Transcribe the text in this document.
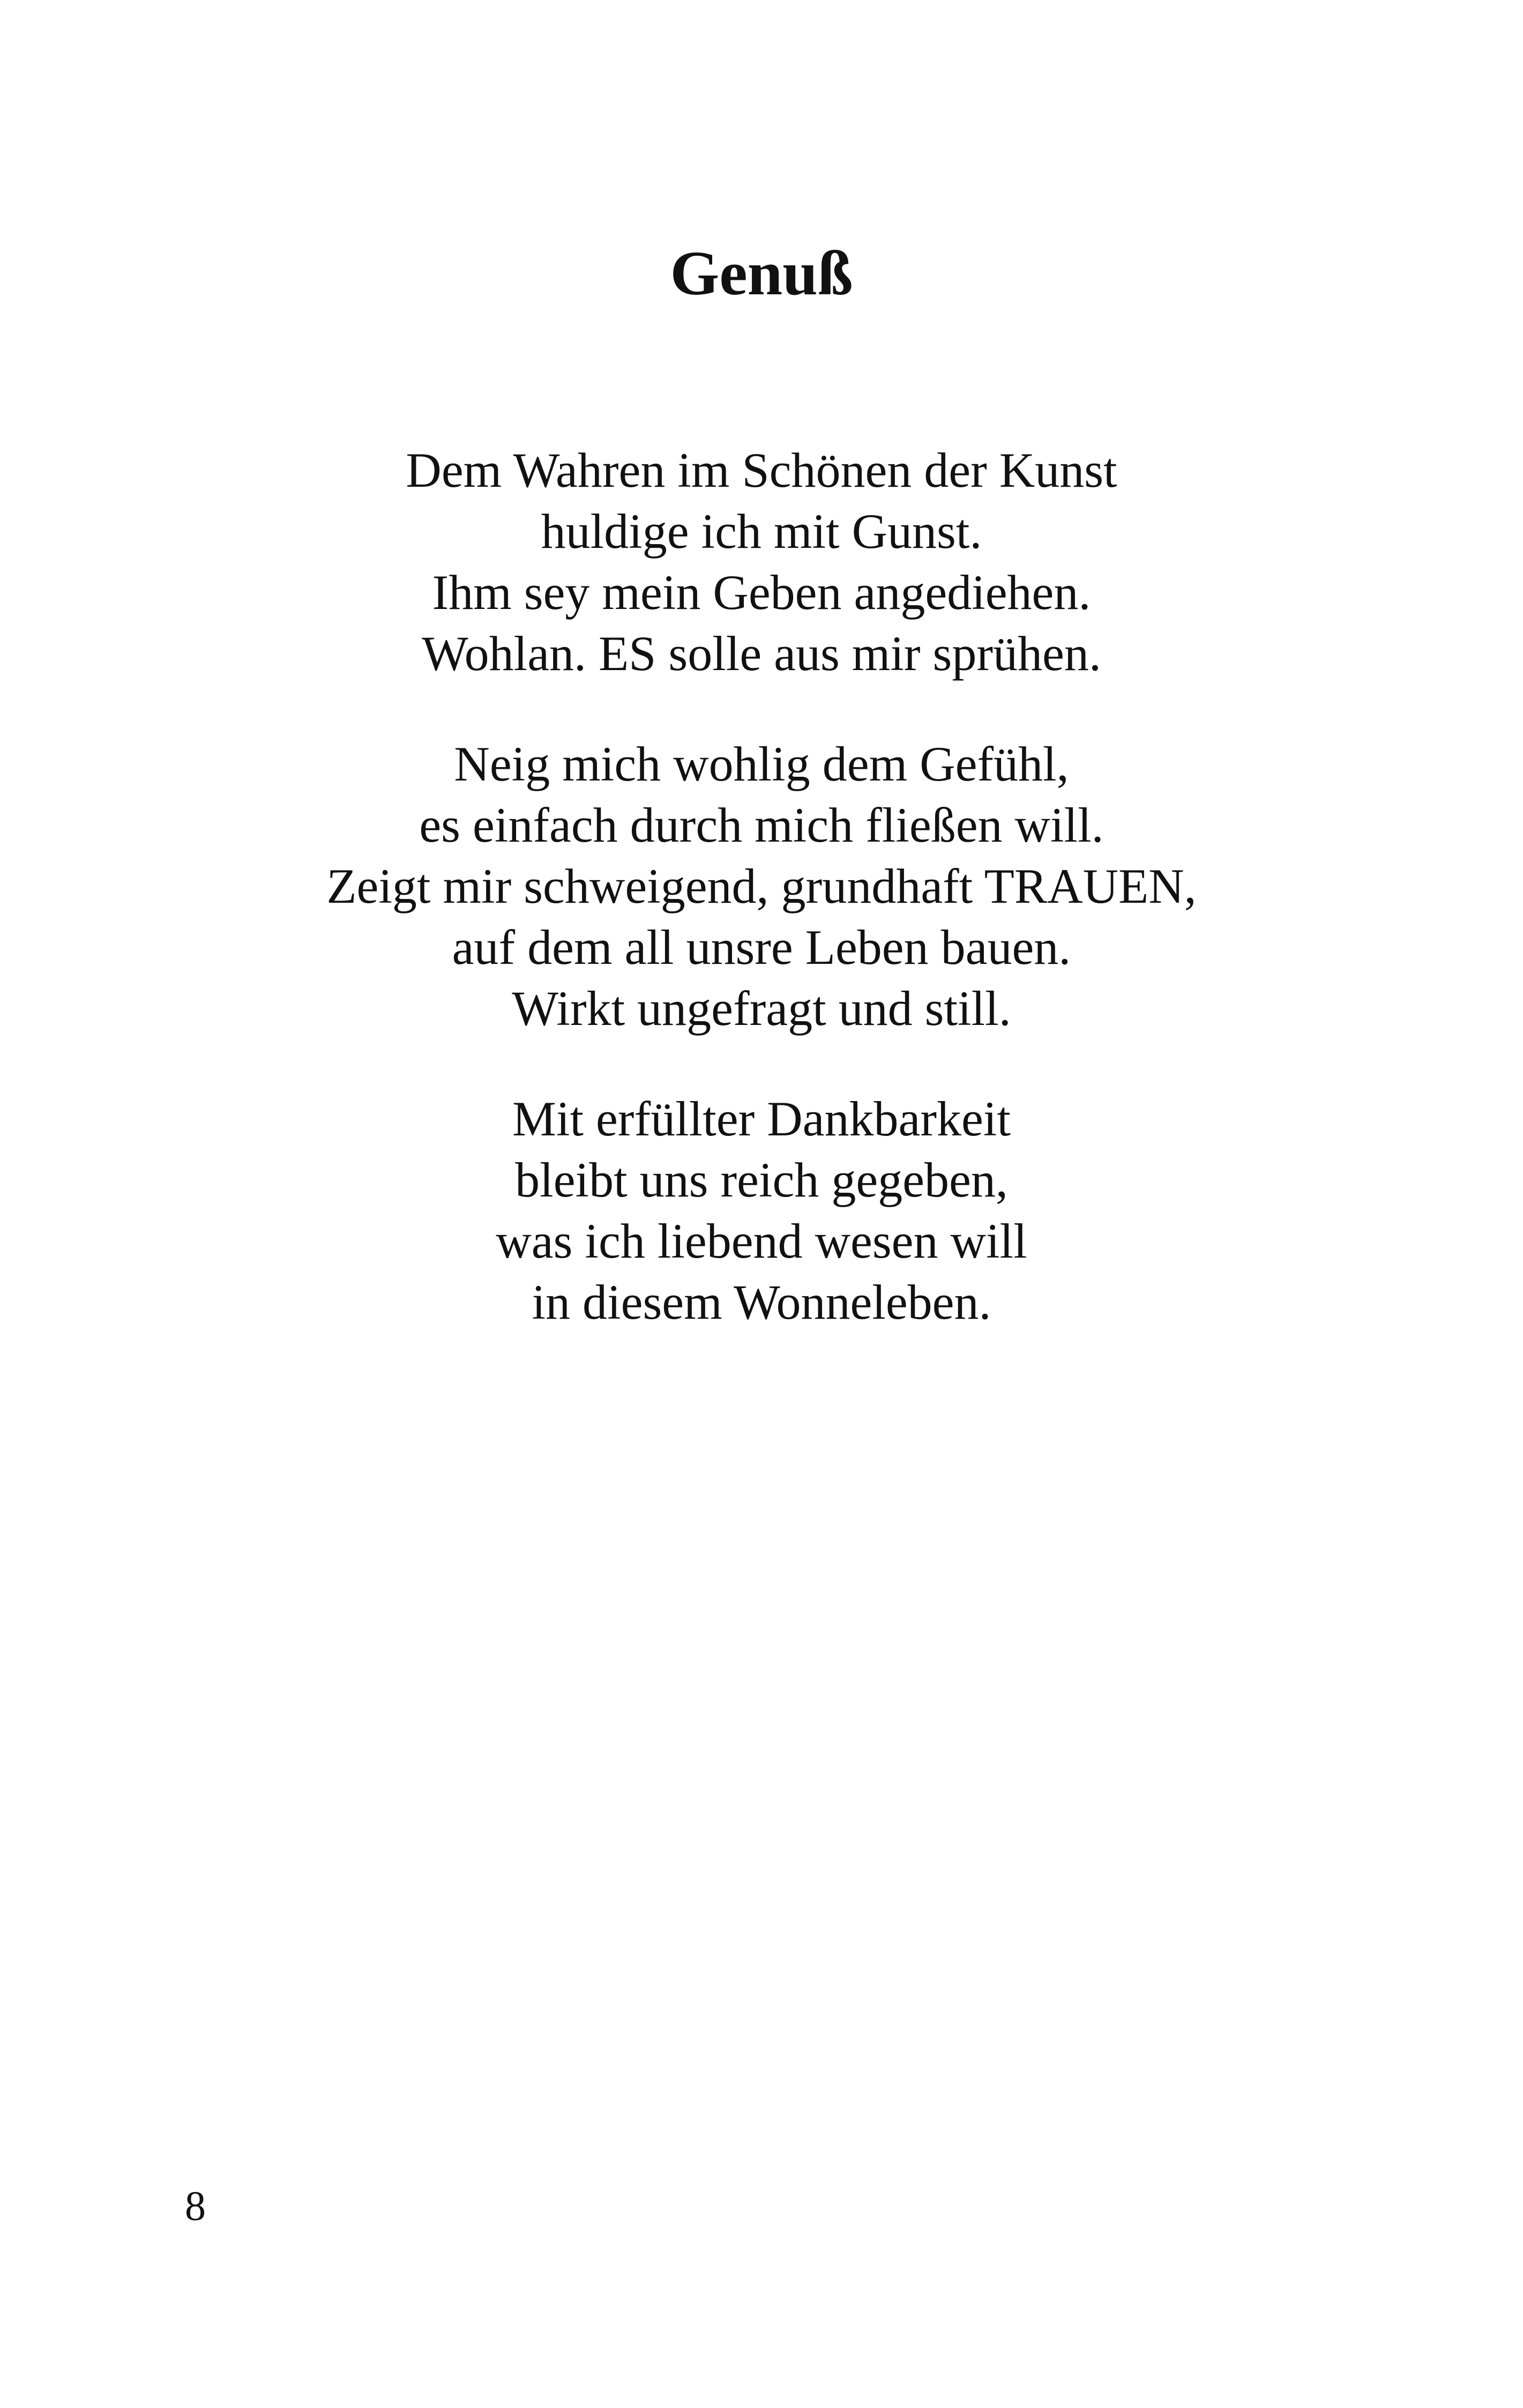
Genuß
Dem Wahren im Schönen der Kunst
huldige ich mit Gunst.
Ihm sey mein Geben angediehen.
Wohlan. ES solle aus mir sprühen.
Neig mich wohlig dem Gefühl,
es einfach durch mich fließen will.
Zeigt mir schweigend, grundhaft TRAUEN,
auf dem all unsre Leben bauen.
Wirkt ungefragt und still.
Mit erfüllter Dankbarkeit
bleibt uns reich gegeben,
was ich liebend wesen will
in diesem Wonneleben.
8
